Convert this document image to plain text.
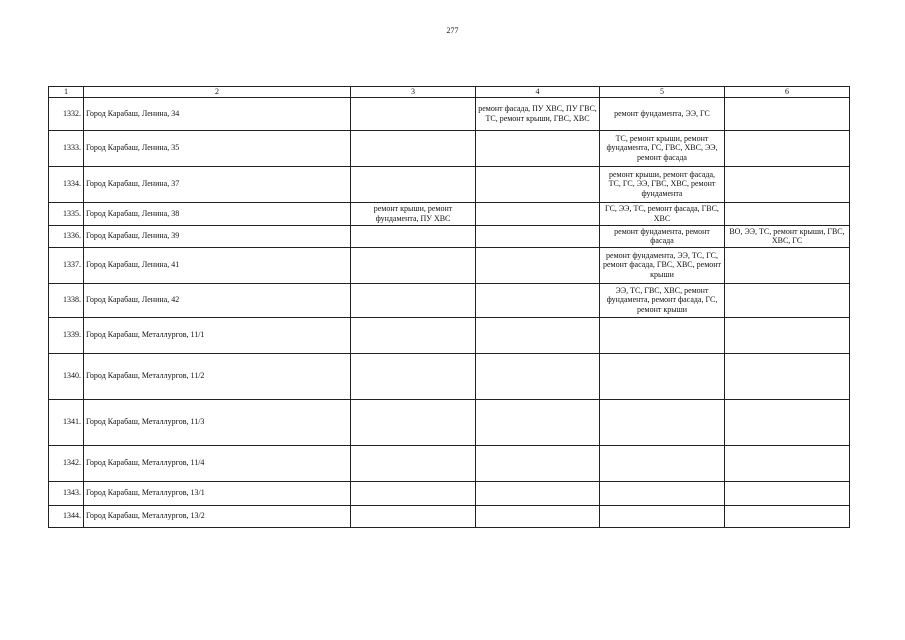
277
1	2	3	4	5	6
1332.	Город Карабаш, Ленина, 34		ремонт фасада, ПУ ХВС, ПУ ГВС, ТС, ремонт крыши, ГВС, ХВС	ремонт фундамента, ЭЭ, ГС	
1333.	Город Карабаш, Ленина, 35			ТС, ремонт крыши, ремонт фундамента, ГС, ГВС, ХВС, ЭЭ, ремонт фасада	
1334.	Город Карабаш, Ленина, 37			ремонт крыши, ремонт фасада, ТС, ГС, ЭЭ, ГВС, ХВС, ремонт фундамента	
1335.	Город Карабаш, Ленина, 38	ремонт крыши, ремонт фундамента, ПУ ХВС		ГС, ЭЭ, ТС, ремонт фасада, ГВС, ХВС	
1336.	Город Карабаш, Ленина, 39			ремонт фундамента, ремонт фасада	ВО, ЭЭ, ТС, ремонт крыши, ГВС, ХВС, ГС
1337.	Город Карабаш, Ленина, 41			ремонт фундамента, ЭЭ, ТС, ГС, ремонт фасада, ГВС, ХВС, ремонт крыши	
1338.	Город Карабаш, Ленина, 42			ЭЭ, ТС, ГВС, ХВС, ремонт фундамента, ремонт фасада, ГС, ремонт крыши	
1339.	Город Карабаш, Металлургов, 11/1				
1340.	Город Карабаш, Металлургов, 11/2				
1341.	Город Карабаш, Металлургов, 11/3				
1342.	Город Карабаш, Металлургов, 11/4				
1343.	Город Карабаш, Металлургов, 13/1				
1344.	Город Карабаш, Металлургов, 13/2				
